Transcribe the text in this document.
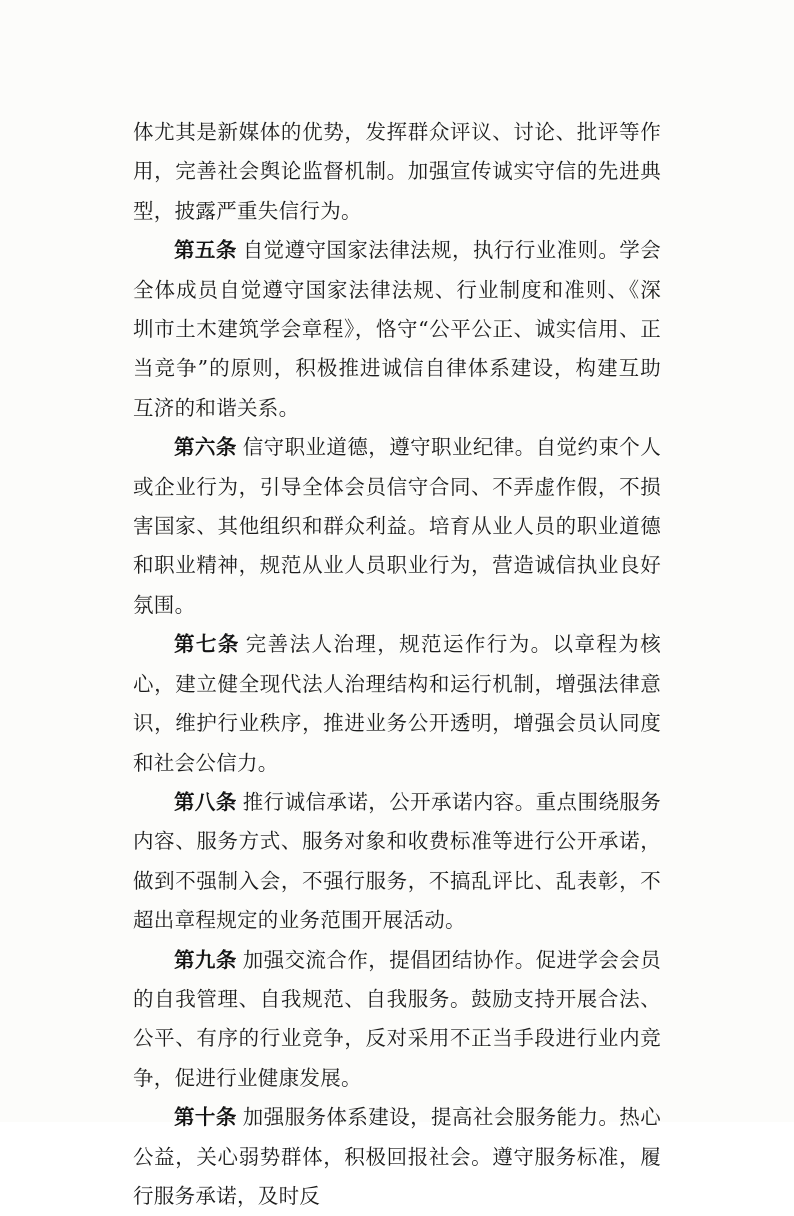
体尤其是新媒体的优势，发挥群众评议、讨论、批评等作用，完善社会舆论监督机制。加强宣传诚实守信的先进典型，披露严重失信行为。

第五条 自觉遵守国家法律法规，执行行业准则。学会全体成员自觉遵守国家法律法规、行业制度和准则、《深圳市土木建筑学会章程》，恪守“公平公正、诚实信用、正当竞争”的原则，积极推进诚信自律体系建设，构建互助互济的和谐关系。

第六条 信守职业道德，遵守职业纪律。自觉约束个人或企业行为，引导全体会员信守合同、不弄虚作假，不损害国家、其他组织和群众利益。培育从业人员的职业道德和职业精神，规范从业人员职业行为，营造诚信执业良好氛围。

第七条 完善法人治理，规范运作行为。以章程为核心，建立健全现代法人治理结构和运行机制，增强法律意识，维护行业秩序，推进业务公开透明，增强会员认同度和社会公信力。

第八条 推行诚信承诺，公开承诺内容。重点围绕服务内容、服务方式、服务对象和收费标准等进行公开承诺，做到不强制入会，不强行服务，不搞乱评比、乱表彰，不超出章程规定的业务范围开展活动。

第九条 加强交流合作，提倡团结协作。促进学会会员的自我管理、自我规范、自我服务。鼓励支持开展合法、公平、有序的行业竞争，反对采用不正当手段进行业内竞争，促进行业健康发展。

第十条 加强服务体系建设，提高社会服务能力。热心公益，关心弱势群体，积极回报社会。遵守服务标准，履行服务承诺，及时反
